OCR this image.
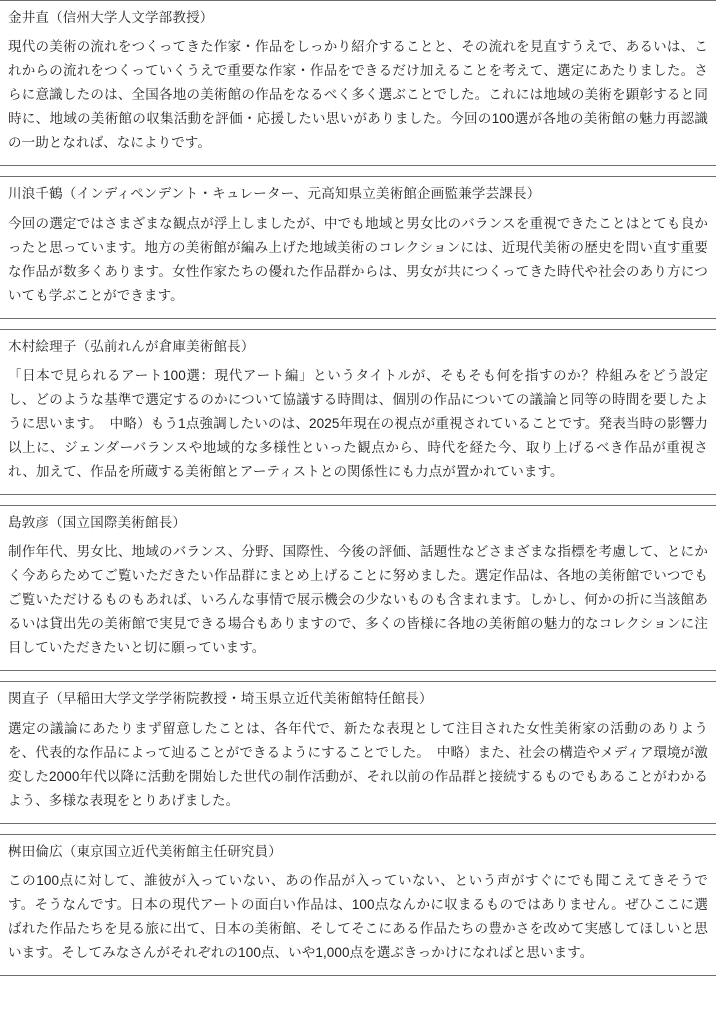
金井直（信州大学人文学部教授）
現代の美術の流れをつくってきた作家・作品をしっかり紹介することと、その流れを見直すうえで、あるいは、これからの流れをつくっていくうえで重要な作家・作品をできるだけ加えることを考えて、選定にあたりました。さらに意識したのは、全国各地の美術館の作品をなるべく多く選ぶことでした。これには地域の美術を顕彰すると同時に、地域の美術館の収集活動を評価・応援したい思いがありました。今回の100選が各地の美術館の魅力再認識の一助となれば、なによりです。
川浪千鶴（インディペンデント・キュレーター、元高知県立美術館企画監兼学芸課長）
今回の選定ではさまざまな観点が浮上しましたが、中でも地域と男女比のバランスを重視できたことはとても良かったと思っています。地方の美術館が編み上げた地域美術のコレクションには、近現代美術の歴史を問い直す重要な作品が数多くあります。女性作家たちの優れた作品群からは、男女が共につくってきた時代や社会のあり方についても学ぶことができます。
木村絵理子（弘前れんが倉庫美術館長）
「日本で見られるアート100選：現代アート編」というタイトルが、そもそも何を指すのか？枠組みをどう設定し、どのような基準で選定するのかについて協議する時間は、個別の作品についての議論と同等の時間を要したように思います。　中略）もう1点強調したいのは、2025年現在の視点が重視されていることです。発表当時の影響力以上に、ジェンダーバランスや地域的な多様性といった観点から、時代を経た今、取り上げるべき作品が重視され、加えて、作品を所蔵する美術館とアーティストとの関係性にも力点が置かれています。
島敦彦（国立国際美術館長）
制作年代、男女比、地域のバランス、分野、国際性、今後の評価、話題性などさまざまな指標を考慮して、とにかく今あらためてご覧いただきたい作品群にまとめ上げることに努めました。選定作品は、各地の美術館でいつでもご覧いただけるものもあれば、いろんな事情で展示機会の少ないものも含まれます。しかし、何かの折に当該館あるいは貸出先の美術館で実見できる場合もありますので、多くの皆様に各地の美術館の魅力的なコレクションに注目していただきたいと切に願っています。
関直子（早稲田大学文学学術院教授・埼玉県立近代美術館特任館長）
選定の議論にあたりまず留意したことは、各年代で、新たな表現として注目された女性美術家の活動のありようを、代表的な作品によって辿ることができるようにすることでした。　中略）また、社会の構造やメディア環境が激変した2000年代以降に活動を開始した世代の制作活動が、それ以前の作品群と接続するものでもあることがわかるよう、多様な表現をとりあげました。
桝田倫広（東京国立近代美術館主任研究員）
この100点に対して、誰彼が入っていない、あの作品が入っていない、という声がすぐにでも聞こえてきそうです。そうなんです。日本の現代アートの面白い作品は、100点なんかに収まるものではありません。ぜひここに選ばれた作品たちを見る旅に出て、日本の美術館、そしてそこにある作品たちの豊かさを改めて実感してほしいと思います。そしてみなさんがそれぞれの100点、いや1,000点を選ぶきっかけになればと思います。
